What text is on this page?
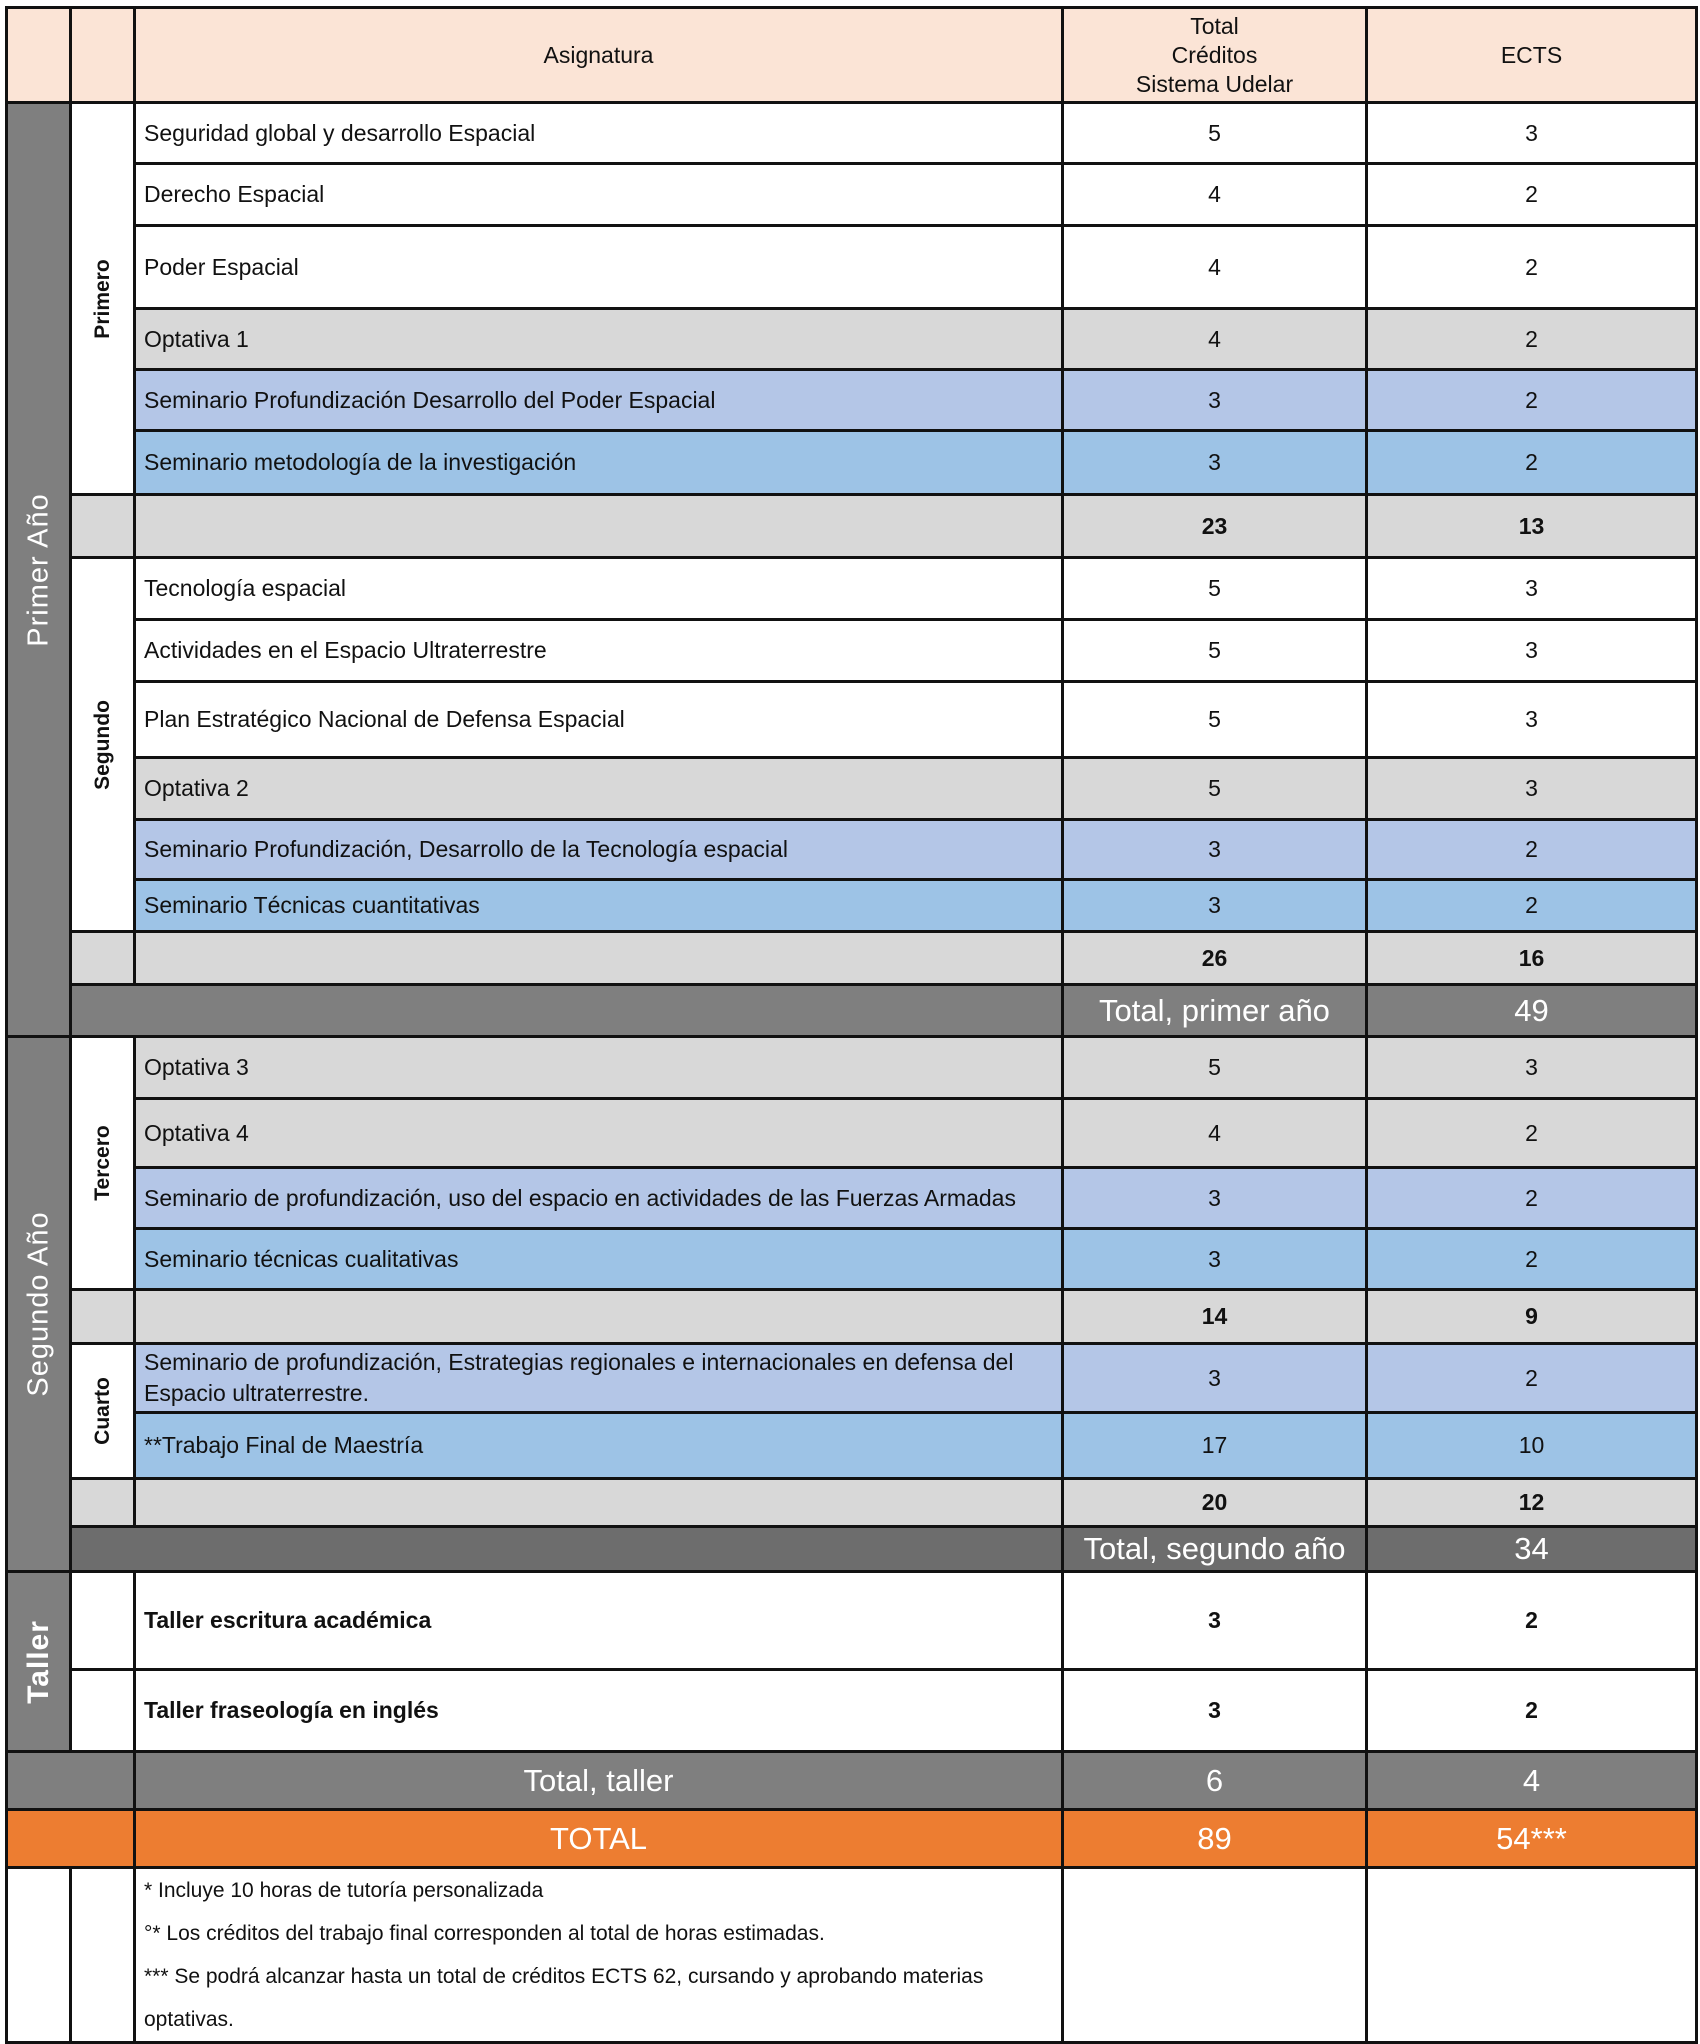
		Asignatura	Total
Créditos
Sistema Udelar	ECTS	

Primer Año	Primero	Seguridad global y desarrollo Espacial	5	3	
		Derecho Espacial	4	2	
		Poder Espacial	4	2	
		Optativa 1	4	2	
		Seminario Profundización Desarrollo del Poder Espacial	3	2	
		Seminario metodología de la investigación	3	2	
			23	13	

	Segundo	Tecnología espacial	5	3	
		Actividades en el Espacio Ultraterrestre	5	3	
		Plan Estratégico Nacional de Defensa Espacial	5	3	
		Optativa 2	5	3	
		Seminario Profundización, Desarrollo de la Tecnología espacial	3	2	
		Seminario Técnicas cuantitativas	3	2	
			26	16	
			Total, primer año	49	

Segundo Año	Tercero	Optativa 3	5	3	
		Optativa 4	4	2	
		Seminario de profundización, uso del espacio en actividades de las Fuerzas Armadas	3	2	
		Seminario técnicas cualitativas	3	2	
			14	9	

	Cuarto	Seminario de profundización, Estrategias regionales e internacionales en defensa del Espacio ultraterrestre.	3	2	
		**Trabajo Final de Maestría	17	10	
			20	12	
			Total, segundo año	34	

Taller		Taller escritura académica	3	2	
		Taller fraseología en inglés	3	2	
		Total, taller	6	4	
		TOTAL	89	54***	

		* Incluye 10 horas de tutoría personalizada
°* Los créditos del trabajo final corresponden al total de horas estimadas.
*** Se podrá alcanzar hasta un total de créditos ECTS 62, cursando y aprobando materias optativas.			
